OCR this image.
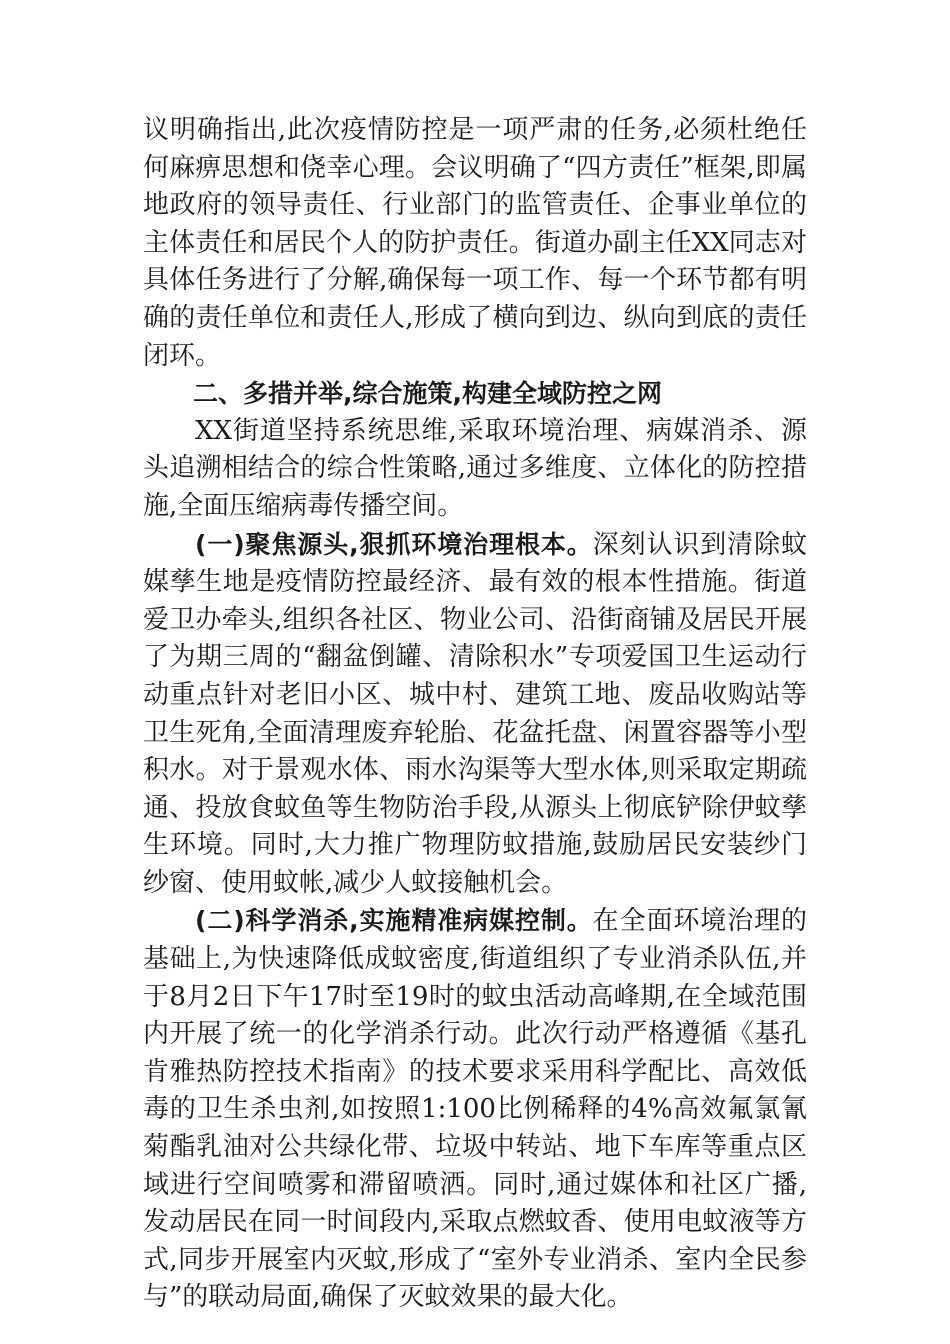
议明确指出,此次疫情防控是一项严肃的任务,必须杜绝任何麻痹思想和侥幸心理。会议明确了“四方责任”框架,即属地政府的领导责任、行业部门的监管责任、企事业单位的主体责任和居民个人的防护责任。街道办副主任XX同志对具体任务进行了分解,确保每一项工作、每一个环节都有明确的责任单位和责任人,形成了横向到边、纵向到底的责任闭环。

二、多措并举,综合施策,构建全域防控之网

XX街道坚持系统思维,采取环境治理、病媒消杀、源头追溯相结合的综合性策略,通过多维度、立体化的防控措施,全面压缩病毒传播空间。

(一)聚焦源头,狠抓环境治理根本。深刻认识到清除蚊媒孳生地是疫情防控最经济、最有效的根本性措施。街道爱卫办牵头,组织各社区、物业公司、沿街商铺及居民开展了为期三周的“翻盆倒罐、清除积水”专项爱国卫生运动行动重点针对老旧小区、城中村、建筑工地、废品收购站等卫生死角,全面清理废弃轮胎、花盆托盘、闲置容器等小型积水。对于景观水体、雨水沟渠等大型水体,则采取定期疏通、投放食蚊鱼等生物防治手段,从源头上彻底铲除伊蚊孳生环境。同时,大力推广物理防蚊措施,鼓励居民安装纱门纱窗、使用蚊帐,减少人蚊接触机会。

(二)科学消杀,实施精准病媒控制。在全面环境治理的基础上,为快速降低成蚊密度,街道组织了专业消杀队伍,并于8月2日下午17时至19时的蚊虫活动高峰期,在全域范围内开展了统一的化学消杀行动。此次行动严格遵循《基孔肯雅热防控技术指南》的技术要求采用科学配比、高效低毒的卫生杀虫剂,如按照1:100比例稀释的4%高效氟氯氰菊酯乳油对公共绿化带、垃圾中转站、地下车库等重点区域进行空间喷雾和滞留喷洒。同时,通过媒体和社区广播,发动居民在同一时间段内,采取点燃蚊香、使用电蚊液等方式,同步开展室内灭蚊,形成了“室外专业消杀、室内全民参与”的联动局面,确保了灭蚊效果的最大化。
